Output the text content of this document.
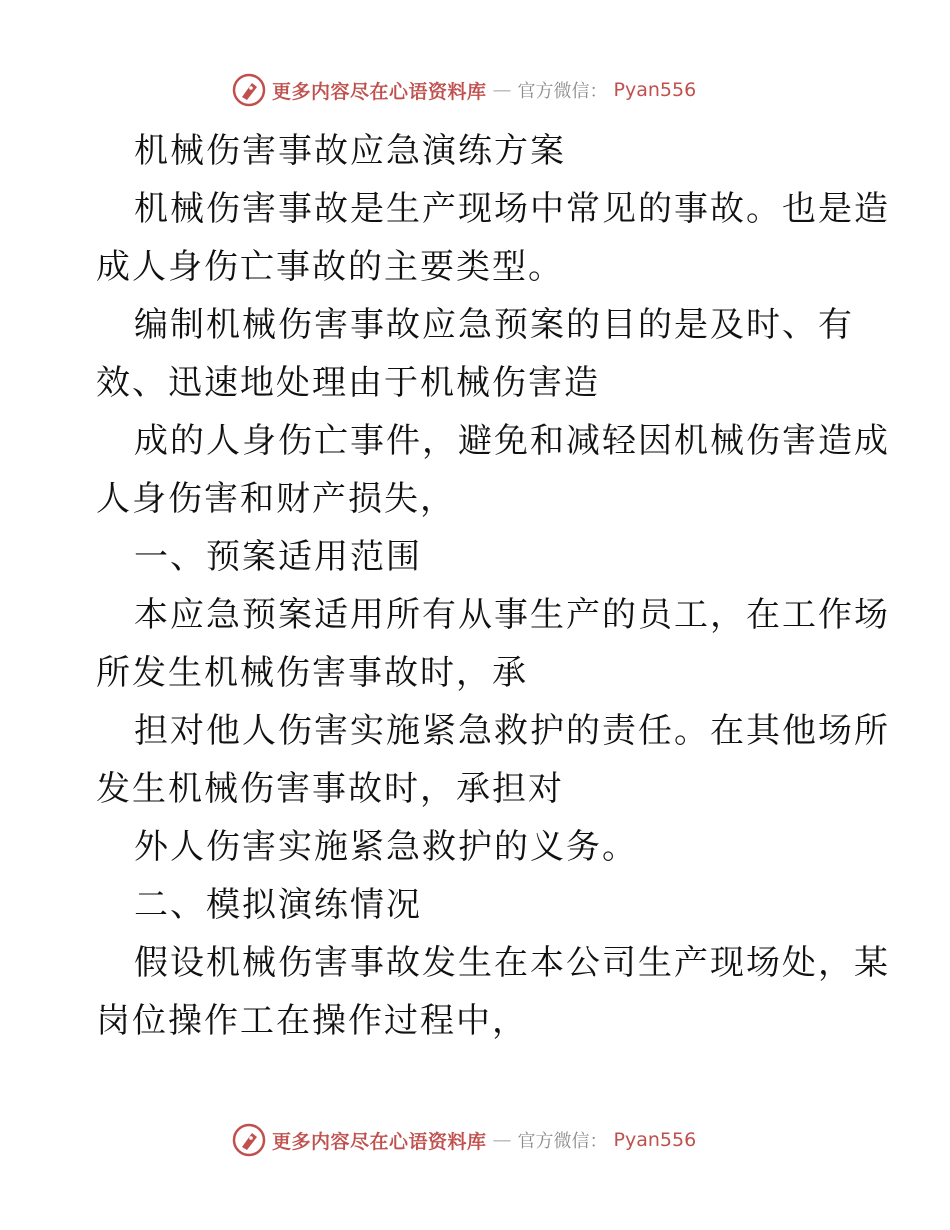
更多内容尽在心语资料库 — 官方微信： Pyan556
机械伤害事故应急演练方案
机械伤害事故是生产现场中常见的事故。也是造
成人身伤亡事故的主要类型。
编制机械伤害事故应急预案的目的是及时、有
效、迅速地处理由于机械伤害造
成的人身伤亡事件，避免和减轻因机械伤害造成
人身伤害和财产损失，
一、预案适用范围
本应急预案适用所有从事生产的员工，在工作场
所发生机械伤害事故时，承
担对他人伤害实施紧急救护的责任。在其他场所
发生机械伤害事故时，承担对
外人伤害实施紧急救护的义务。
二、模拟演练情况
假设机械伤害事故发生在本公司生产现场处，某
岗位操作工在操作过程中，
更多内容尽在心语资料库 — 官方微信： Pyan556
